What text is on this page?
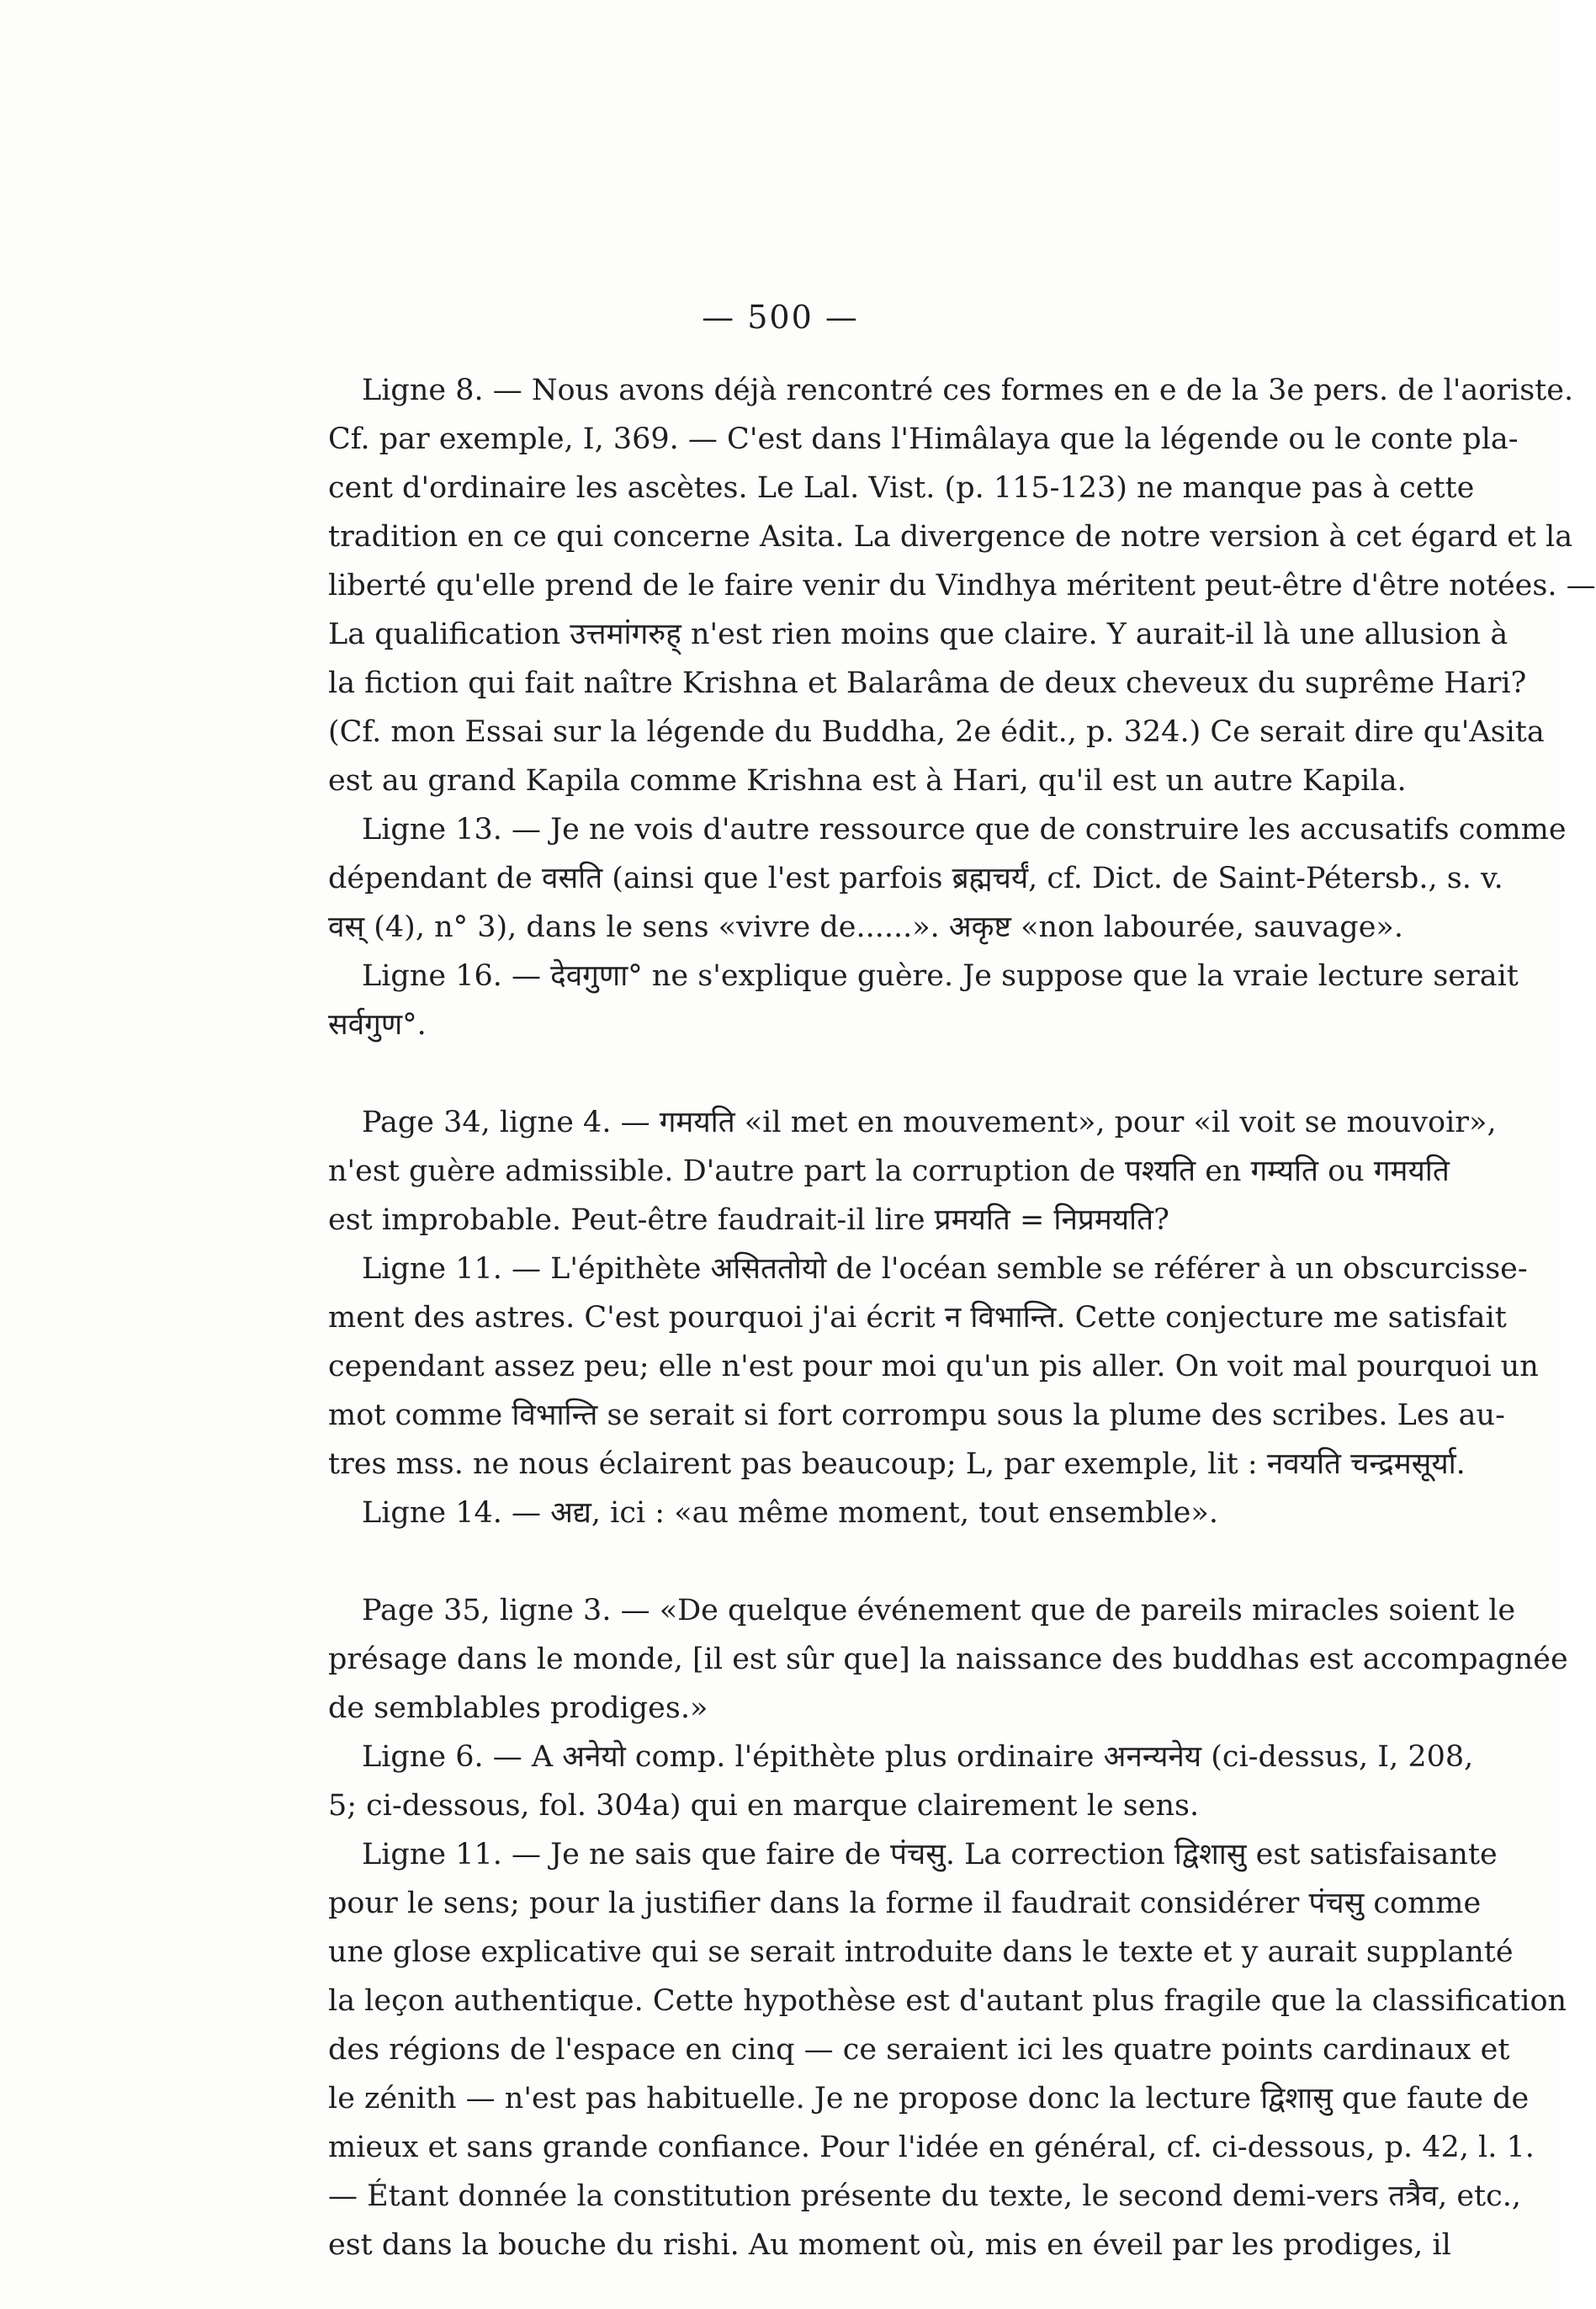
— 500 —
Ligne 8. — Nous avons déjà rencontré ces formes en e de la 3e pers. de l'aoriste.
Cf. par exemple, I, 369. — C'est dans l'Himâlaya que la légende ou le conte pla-
cent d'ordinaire les ascètes. Le Lal. Vist. (p. 115-123) ne manque pas à cette
tradition en ce qui concerne Asita. La divergence de notre version à cet égard et la
liberté qu'elle prend de le faire venir du Vindhya méritent peut-être d'être notées. —
La qualification उत्तमांगरुह् n'est rien moins que claire. Y aurait-il là une allusion à
la fiction qui fait naître Krishna et Balarâma de deux cheveux du suprême Hari?
(Cf. mon Essai sur la légende du Buddha, 2e édit., p. 324.) Ce serait dire qu'Asita
est au grand Kapila comme Krishna est à Hari, qu'il est un autre Kapila.
Ligne 13. — Je ne vois d'autre ressource que de construire les accusatifs comme
dépendant de वसति (ainsi que l'est parfois ब्रह्मचर्यं, cf. Dict. de Saint-Pétersb., s. v.
वस् (4), n° 3), dans le sens «vivre de......». अकृष्ट «non labourée, sauvage».
Ligne 16. — देवगुणा° ne s'explique guère. Je suppose que la vraie lecture serait
सर्वगुण°.
Page 34, ligne 4. — गमयति «il met en mouvement», pour «il voit se mouvoir»,
n'est guère admissible. D'autre part la corruption de पश्यति en गम्यति ou गमयति
est improbable. Peut-être faudrait-il lire प्रमयति = निप्रमयति?
Ligne 11. — L'épithète असिततोयो de l'océan semble se référer à un obscurcisse-
ment des astres. C'est pourquoi j'ai écrit न विभान्ति. Cette conjecture me satisfait
cependant assez peu; elle n'est pour moi qu'un pis aller. On voit mal pourquoi un
mot comme विभान्ति se serait si fort corrompu sous la plume des scribes. Les au-
tres mss. ne nous éclairent pas beaucoup; L, par exemple, lit : नवयति चन्द्रमसूर्या.
Ligne 14. — अद्य, ici : «au même moment, tout ensemble».
Page 35, ligne 3. — «De quelque événement que de pareils miracles soient le
présage dans le monde, [il est sûr que] la naissance des buddhas est accompagnée
de semblables prodiges.»
Ligne 6. — A अनेयो comp. l'épithète plus ordinaire अनन्यनेय (ci-dessus, I, 208,
5; ci-dessous, fol. 304a) qui en marque clairement le sens.
Ligne 11. — Je ne sais que faire de पंचसु. La correction द्विशासु est satisfaisante
pour le sens; pour la justifier dans la forme il faudrait considérer पंचसु comme
une glose explicative qui se serait introduite dans le texte et y aurait supplanté
la leçon authentique. Cette hypothèse est d'autant plus fragile que la classification
des régions de l'espace en cinq — ce seraient ici les quatre points cardinaux et
le zénith — n'est pas habituelle. Je ne propose donc la lecture द्विशासु que faute de
mieux et sans grande confiance. Pour l'idée en général, cf. ci-dessous, p. 42, l. 1.
— Étant donnée la constitution présente du texte, le second demi-vers तत्रैव, etc.,
est dans la bouche du rishi. Au moment où, mis en éveil par les prodiges, il
